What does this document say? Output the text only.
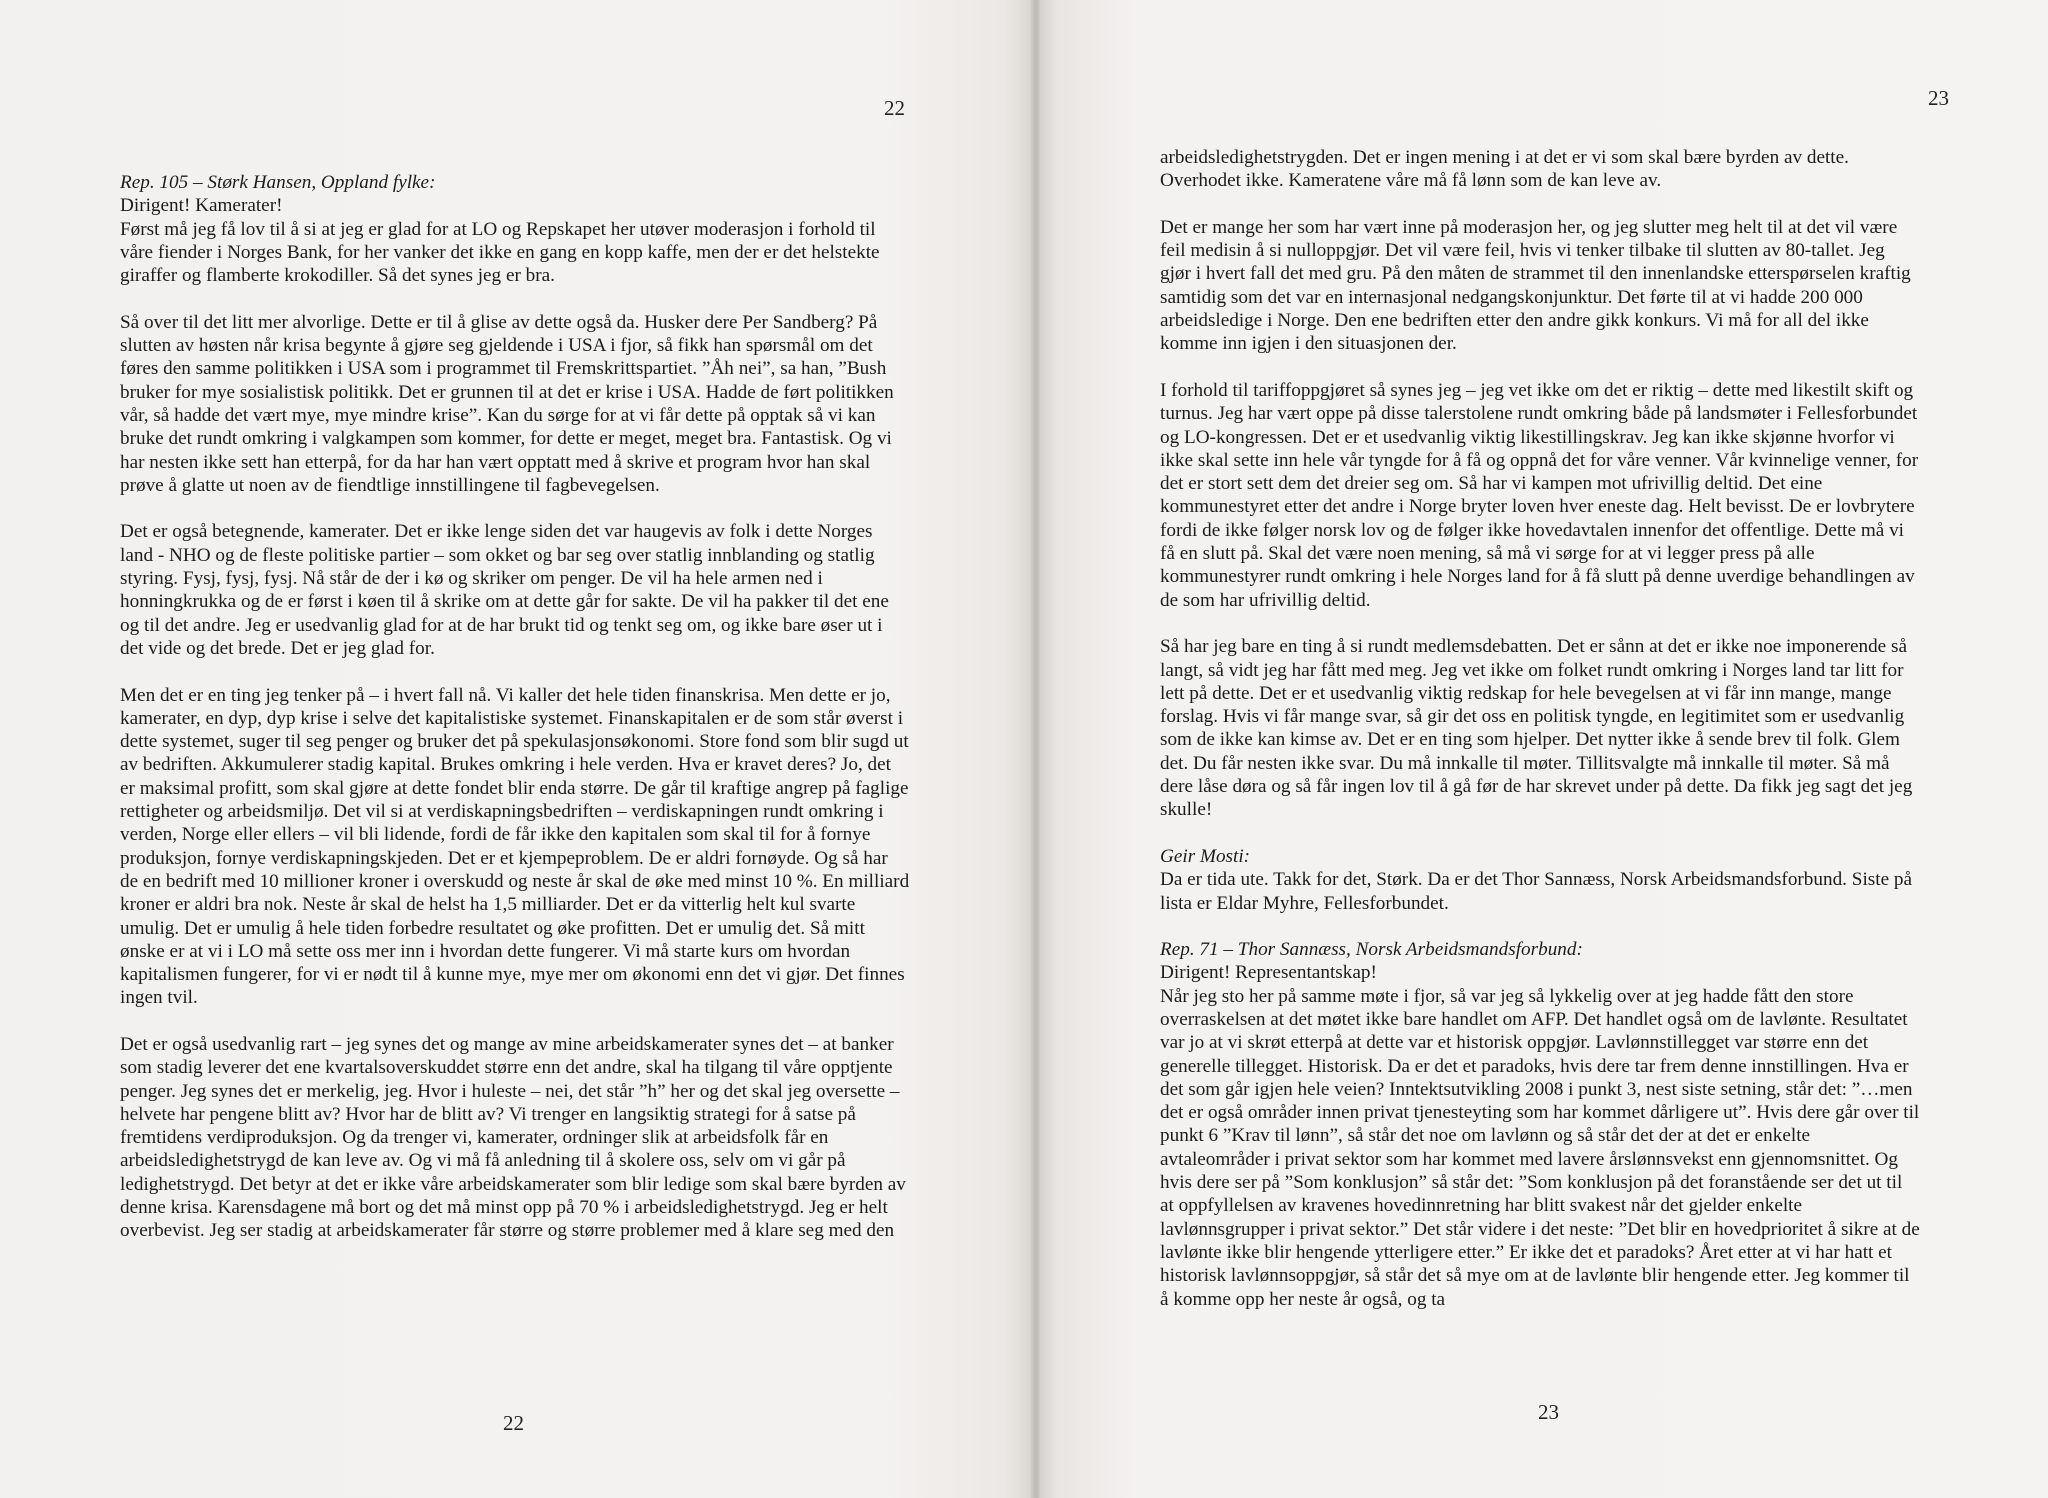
22
Rep. 105 – Størk Hansen, Oppland fylke:

Dirigent! Kamerater!

Først må jeg få lov til å si at jeg er glad for at LO og Repskapet her utøver moderasjon i forhold til våre fiender i Norges Bank, for her vanker det ikke en gang en kopp kaffe, men der er det helstekte giraffer og flamberte krokodiller. Så det synes jeg er bra.

Så over til det litt mer alvorlige. Dette er til å glise av dette også da. Husker dere Per Sandberg? På slutten av høsten når krisa begynte å gjøre seg gjeldende i USA i fjor, så fikk han spørsmål om det føres den samme politikken i USA som i programmet til Fremskrittspartiet. ”Åh nei”, sa han, ”Bush bruker for mye sosialistisk politikk. Det er grunnen til at det er krise i USA. Hadde de ført politikken vår, så hadde det vært mye, mye mindre krise”. Kan du sørge for at vi får dette på opptak så vi kan bruke det rundt omkring i valgkampen som kommer, for dette er meget, meget bra. Fantastisk. Og vi har nesten ikke sett han etterpå, for da har han vært opptatt med å skrive et program hvor han skal prøve å glatte ut noen av de fiendtlige innstillingene til fagbevegelsen.

Det er også betegnende, kamerater. Det er ikke lenge siden det var haugevis av folk i dette Norges land - NHO og de fleste politiske partier – som okket og bar seg over statlig innblanding og statlig styring. Fysj, fysj, fysj. Nå står de der i kø og skriker om penger. De vil ha hele armen ned i honningkrukka og de er først i køen til å skrike om at dette går for sakte. De vil ha pakker til det ene og til det andre. Jeg er usedvanlig glad for at de har brukt tid og tenkt seg om, og ikke bare øser ut i det vide og det brede. Det er jeg glad for.

Men det er en ting jeg tenker på – i hvert fall nå. Vi kaller det hele tiden finanskrisa. Men dette er jo, kamerater, en dyp, dyp krise i selve det kapitalistiske systemet. Finanskapitalen er de som står øverst i dette systemet, suger til seg penger og bruker det på spekulasjonsøkonomi. Store fond som blir sugd ut av bedriften. Akkumulerer stadig kapital. Brukes omkring i hele verden. Hva er kravet deres? Jo, det er maksimal profitt, som skal gjøre at dette fondet blir enda større. De går til kraftige angrep på faglige rettigheter og arbeidsmiljø. Det vil si at verdiskapningsbedriften – verdiskapningen rundt omkring i verden, Norge eller ellers – vil bli lidende, fordi de får ikke den kapitalen som skal til for å fornye produksjon, fornye verdiskapningskjeden. Det er et kjempeproblem. De er aldri fornøyde. Og så har de en bedrift med 10 millioner kroner i overskudd og neste år skal de øke med minst 10 %. En milliard kroner er aldri bra nok. Neste år skal de helst ha 1,5 milliarder. Det er da vitterlig helt kul svarte umulig. Det er umulig å hele tiden forbedre resultatet og øke profitten. Det er umulig det. Så mitt ønske er at vi i LO må sette oss mer inn i hvordan dette fungerer. Vi må starte kurs om hvordan kapitalismen fungerer, for vi er nødt til å kunne mye, mye mer om økonomi enn det vi gjør. Det finnes ingen tvil.

Det er også usedvanlig rart – jeg synes det og mange av mine arbeidskamerater synes det – at banker som stadig leverer det ene kvartalsoverskuddet større enn det andre, skal ha tilgang til våre opptjente penger. Jeg synes det er merkelig, jeg. Hvor i huleste – nei, det står ”h” her og det skal jeg oversette – helvete har pengene blitt av? Hvor har de blitt av? Vi trenger en langsiktig strategi for å satse på fremtidens verdiproduksjon. Og da trenger vi, kamerater, ordninger slik at arbeidsfolk får en arbeidsledighetstrygd de kan leve av. Og vi må få anledning til å skolere oss, selv om vi går på ledighetstrygd. Det betyr at det er ikke våre arbeidskamerater som blir ledige som skal bære byrden av denne krisa. Karensdagene må bort og det må minst opp på 70 % i arbeidsledighetstrygd. Jeg er helt overbevist. Jeg ser stadig at arbeidskamerater får større og større problemer med å klare seg med den

22
23

arbeidsledighetstrygden. Det er ingen mening i at det er vi som skal bære byrden av dette. Overhodet ikke. Kameratene våre må få lønn som de kan leve av.

Det er mange her som har vært inne på moderasjon her, og jeg slutter meg helt til at det vil være feil medisin å si nulloppgjør. Det vil være feil, hvis vi tenker tilbake til slutten av 80-tallet. Jeg gjør i hvert fall det med gru. På den måten de strammet til den innenlandske etterspørselen kraftig samtidig som det var en internasjonal nedgangskonjunktur. Det førte til at vi hadde 200 000 arbeidsledige i Norge. Den ene bedriften etter den andre gikk konkurs. Vi må for all del ikke komme inn igjen i den situasjonen der.

I forhold til tariffoppgjøret så synes jeg – jeg vet ikke om det er riktig – dette med likestilt skift og turnus. Jeg har vært oppe på disse talerstolene rundt omkring både på landsmøter i Fellesforbundet og LO-kongressen. Det er et usedvanlig viktig likestillingskrav. Jeg kan ikke skjønne hvorfor vi ikke skal sette inn hele vår tyngde for å få og oppnå det for våre venner. Vår kvinnelige venner, for det er stort sett dem det dreier seg om. Så har vi kampen mot ufrivillig deltid. Det eine kommunestyret etter det andre i Norge bryter loven hver eneste dag. Helt bevisst. De er lovbrytere fordi de ikke følger norsk lov og de følger ikke hovedavtalen innenfor det offentlige. Dette må vi få en slutt på. Skal det være noen mening, så må vi sørge for at vi legger press på alle kommunestyrer rundt omkring i hele Norges land for å få slutt på denne uverdige behandlingen av de som har ufrivillig deltid.

Så har jeg bare en ting å si rundt medlemsdebatten. Det er sånn at det er ikke noe imponerende så langt, så vidt jeg har fått med meg. Jeg vet ikke om folket rundt omkring i Norges land tar litt for lett på dette. Det er et usedvanlig viktig redskap for hele bevegelsen at vi får inn mange, mange forslag. Hvis vi får mange svar, så gir det oss en politisk tyngde, en legitimitet som er usedvanlig som de ikke kan kimse av. Det er en ting som hjelper. Det nytter ikke å sende brev til folk. Glem det. Du får nesten ikke svar. Du må innkalle til møter. Tillitsvalgte må innkalle til møter. Så må dere låse døra og så får ingen lov til å gå før de har skrevet under på dette. Da fikk jeg sagt det jeg skulle!

Geir Mosti:

Da er tida ute. Takk for det, Størk. Da er det Thor Sannæss, Norsk Arbeidsmandsforbund. Siste på lista er Eldar Myhre, Fellesforbundet.

Rep. 71 – Thor Sannæss, Norsk Arbeidsmandsforbund:

Dirigent! Representantskap!

Når jeg sto her på samme møte i fjor, så var jeg så lykkelig over at jeg hadde fått den store overraskelsen at det møtet ikke bare handlet om AFP. Det handlet også om de lavlønte. Resultatet var jo at vi skrøt etterpå at dette var et historisk oppgjør. Lavlønnstillegget var større enn det generelle tillegget. Historisk. Da er det et paradoks, hvis dere tar frem denne innstillingen. Hva er det som går igjen hele veien? Inntektsutvikling 2008 i punkt 3, nest siste setning, står det: ”…men det er også områder innen privat tjenesteyting som har kommet dårligere ut”. Hvis dere går over til punkt 6 ”Krav til lønn”, så står det noe om lavlønn og så står det der at det er enkelte avtaleområder i privat sektor som har kommet med lavere årslønnsvekst enn gjennomsnittet. Og hvis dere ser på ”Som konklusjon” så står det: ”Som konklusjon på det foranstående ser det ut til at oppfyllelsen av kravenes hovedinnretning har blitt svakest når det gjelder enkelte lavlønnsgrupper i privat sektor.” Det står videre i det neste: ”Det blir en hovedprioritet å sikre at de lavlønte ikke blir hengende ytterligere etter.” Er ikke det et paradoks? Året etter at vi har hatt et historisk lavlønnsoppgjør, så står det så mye om at de lavlønte blir hengende etter. Jeg kommer til å komme opp her neste år også, og ta

23
